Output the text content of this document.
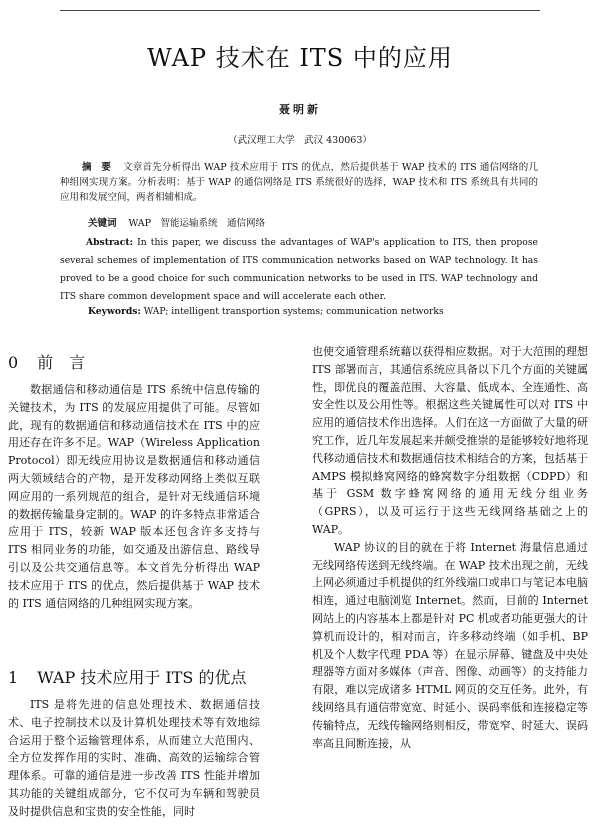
WAP 技术在 ITS 中的应用
聂明新
（武汉理工大学　武汉 430063）
摘　要 文章首先分析得出 WAP 技术应用于 ITS 的优点，然后提供基于 WAP 技术的 ITS 通信网络的几种组网实现方案。分析表明：基于 WAP 的通信网络是 ITS 系统很好的选择，WAP 技术和 ITS 系统具有共同的应用和发展空间，两者相辅相成。
关键词 WAP　智能运输系统　通信网络
Abstract: In this paper, we discuss the advantages of WAP's application to ITS, then propose several schemes of implementation of ITS communication networks based on WAP technology. It has proved to be a good choice for such communication networks to be used in ITS. WAP technology and ITS share common development space and will accelerate each other.
Keywords: WAP; intelligent transportion systems; communication networks
0 前　言

数据通信和移动通信是 ITS 系统中信息传输的关键技术，为 ITS 的发展应用提供了可能。尽管如此，现有的数据通信和移动通信技术在 ITS 中的应用还存在许多不足。WAP（Wireless Application Protocol）即无线应用协议是数据通信和移动通信两大领域结合的产物，是开发移动网络上类似互联网应用的一系列规范的组合，是针对无线通信环境的数据传输量身定制的。WAP 的许多特点非常适合应用于 ITS，较新 WAP 版本还包含许多支持与 ITS 相同业务的功能，如交通及出游信息、路线导引以及公共交通信息等。本文首先分析得出 WAP 技术应用于 ITS 的优点，然后提供基于 WAP 技术的 ITS 通信网络的几种组网实现方案。

1 WAP 技术应用于 ITS 的优点

ITS 是将先进的信息处理技术、数据通信技术、电子控制技术以及计算机处理技术等有效地综合运用于整个运输管理体系，从而建立大范围内、全方位发挥作用的实时、准确、高效的运输综合管理体系。可靠的通信是进一步改善 ITS 性能并增加其功能的关键组成部分，它不仅可为车辆和驾驶员及时提供信息和宝贵的安全性能，同时

也使交通管理系统藉以获得相应数据。对于大范围的理想 ITS 部署而言，其通信系统应具备以下几个方面的关键属性，即优良的覆盖范围、大容量、低成本、全连通性、高安全性以及公用性等。根据这些关键属性可以对 ITS 中应用的通信技术作出选择。人们在这一方面做了大量的研究工作，近几年发展起来并颇受推崇的是能够较好地将现代移动通信技术和数据通信技术相结合的方案，包括基于 AMPS 模拟蜂窝网络的蜂窝数字分组数据（CDPD）和基于 GSM 数字蜂窝网络的通用无线分组业务（GPRS），以及可运行于这些无线网络基础之上的 WAP。

WAP 协议的目的就在于将 Internet 海量信息通过无线网络传送到无线终端。在 WAP 技术出现之前，无线上网必须通过手机提供的红外线端口或串口与笔记本电脑相连，通过电脑浏览 Internet。然而，目前的 Internet 网站上的内容基本上都是针对 PC 机或者功能更强大的计算机而设计的，相对而言，许多移动终端（如手机、BP 机及个人数字代理 PDA 等）在显示屏幕、键盘及中央处理器等方面对多媒体（声音、图像、动画等）的支持能力有限，难以完成诸多 HTML 网页的交互任务。此外，有线网络具有通信带宽宽、时延小、误码率低和连接稳定等传输特点，无线传输网络则相反，带宽窄、时延大、误码率高且间断连接，从
